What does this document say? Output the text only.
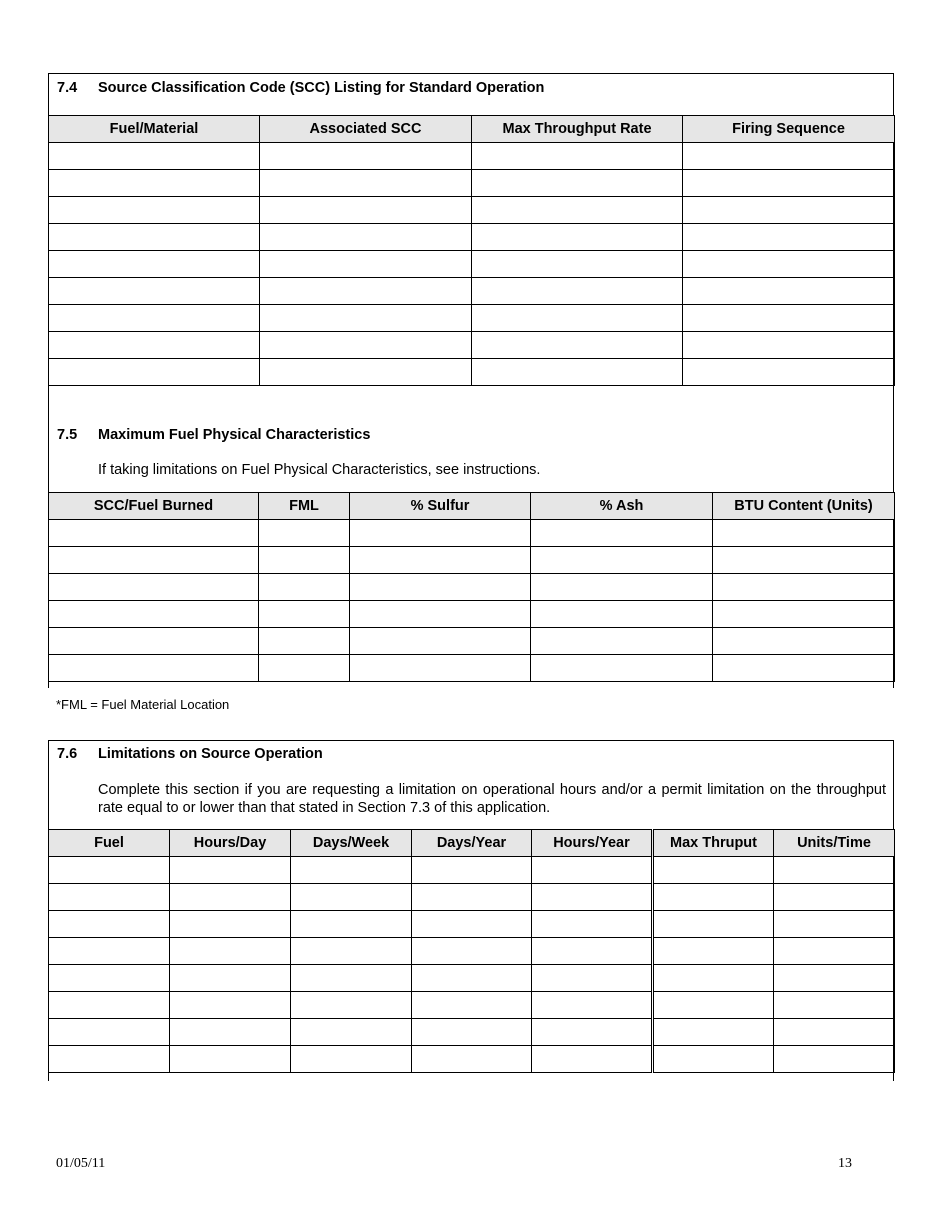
7.4 Source Classification Code (SCC) Listing for Standard Operation
Fuel/Material	Associated SCC	Max Throughput Rate	Firing Sequence

7.5 Maximum Fuel Physical Characteristics
If taking limitations on Fuel Physical Characteristics, see instructions.
SCC/Fuel Burned	FML	% Sulfur	% Ash	BTU Content (Units)

*FML = Fuel Material Location
7.6 Limitations on Source Operation
Complete this section if you are requesting a limitation on operational hours and/or a permit limitation on the throughput rate equal to or lower than that stated in Section 7.3 of this application.
Fuel	Hours/Day	Days/Week	Days/Year	Hours/Year	Max Thruput	Units/Time

01/05/11	13
